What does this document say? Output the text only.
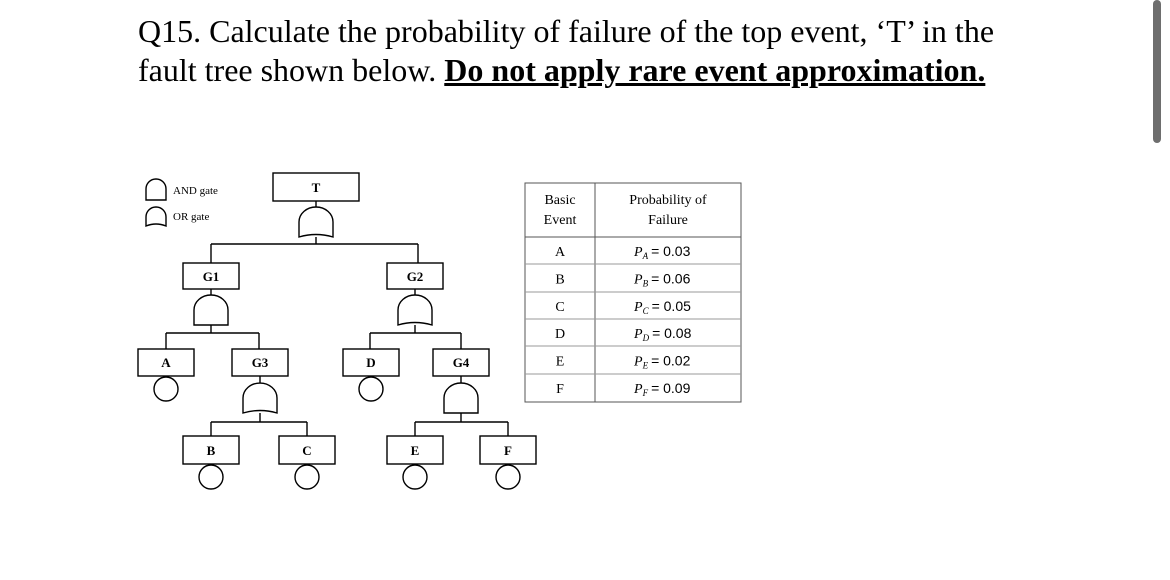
Q15. Calculate the probability of failure of the top event, ‘T’ in the fault tree shown below. Do not apply rare event approximation.
AND gate
OR gate
T
G1	G2
A	G3	D	G4
B	C	E	F
Basic
Event
Probability of
Failure
A	$P_A = 0.03$
B	$P_B = 0.06$
C	$P_C = 0.05$
D	$P_D = 0.08$
E	$P_E = 0.02$
F	$P_F = 0.09$
